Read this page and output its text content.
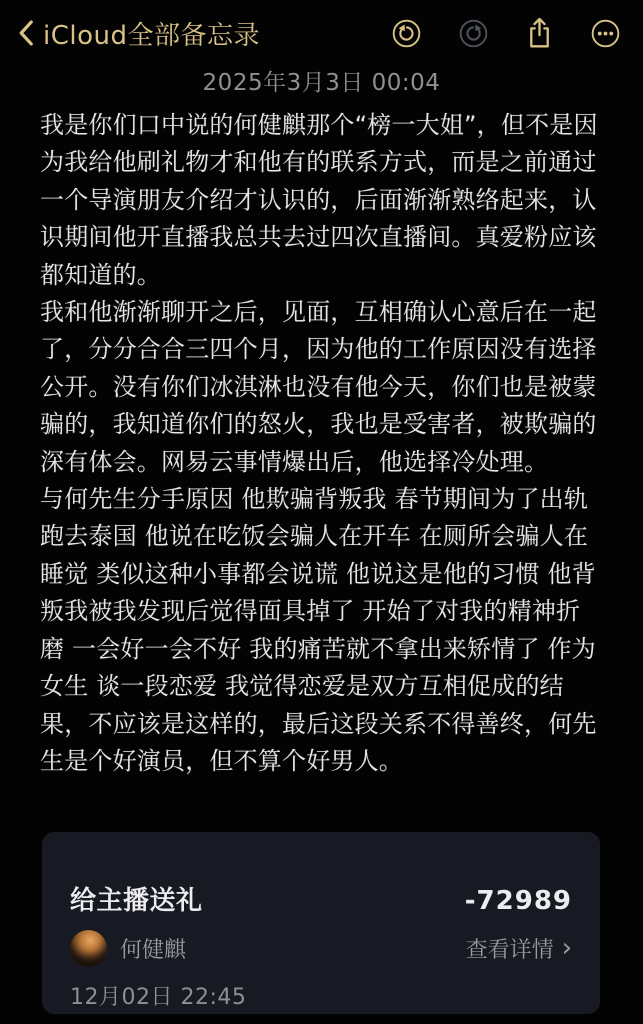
iCloud全部备忘录
2025年3月3日 00:04

我是你们口中说的何健麒那个“榜一大姐”，但不是因为我给他刷礼物才和他有的联系方式，而是之前通过一个导演朋友介绍才认识的，后面渐渐熟络起来，认识期间他开直播我总共去过四次直播间。真爱粉应该都知道的。

我和他渐渐聊开之后，见面，互相确认心意后在一起了，分分合合三四个月，因为他的工作原因没有选择公开。没有你们冰淇淋也没有他今天，你们也是被蒙骗的，我知道你们的怒火，我也是受害者，被欺骗的深有体会。网易云事情爆出后，他选择冷处理。

与何先生分手原因 他欺骗背叛我 春节期间为了出轨跑去泰国 他说在吃饭会骗人在开车 在厕所会骗人在睡觉 类似这种小事都会说谎 他说这是他的习惯 他背叛我被我发现后觉得面具掉了 开始了对我的精神折磨 一会好一会不好 我的痛苦就不拿出来矫情了 作为女生 谈一段恋爱 我觉得恋爱是双方互相促成的结果，不应该是这样的，最后这段关系不得善终，何先生是个好演员，但不算个好男人。

给主播送礼	-72989
何健麒	查看详情 ›
12月02日 22:45
